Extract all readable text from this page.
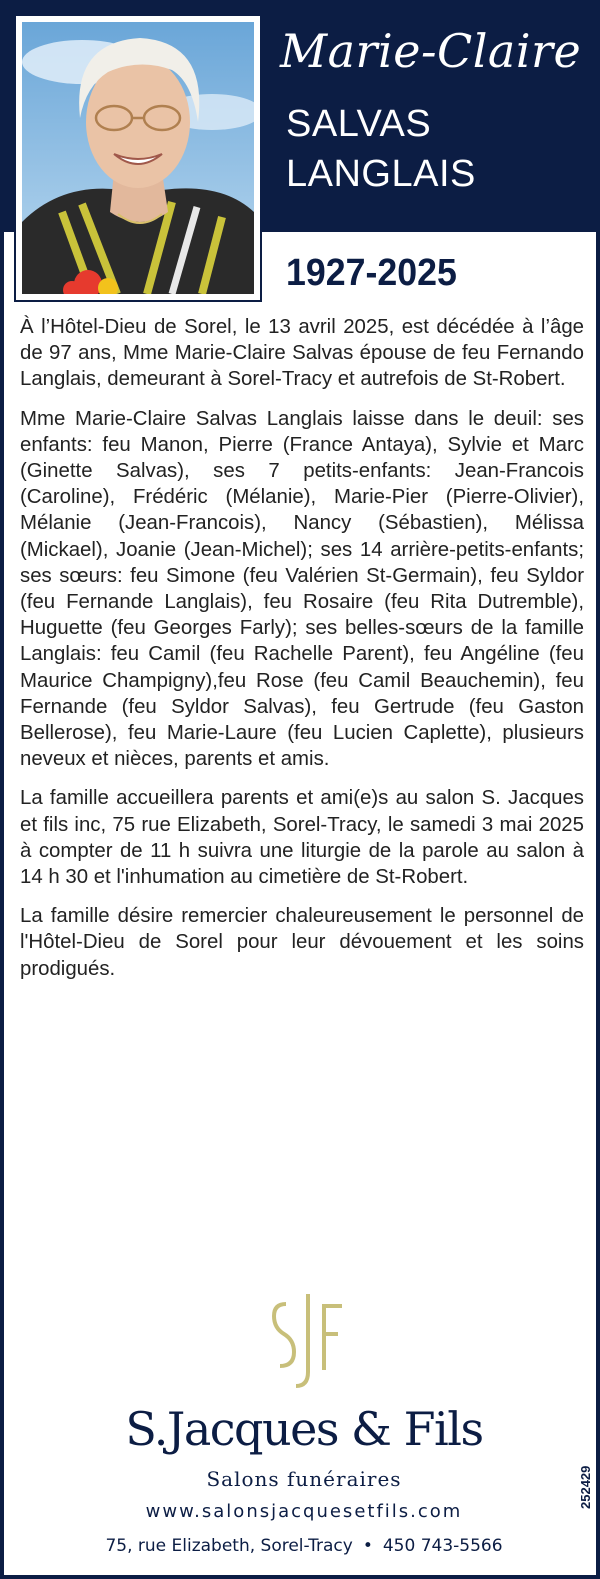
Marie-Claire
SALVAS
LANGLAIS
1927-2025

À l’Hôtel-Dieu de Sorel, le 13 avril 2025, est décédée à l’âge de 97 ans, Mme Marie-Claire Salvas épouse de feu Fernando Langlais, demeurant à Sorel-Tracy et autrefois de St-Robert.

Mme Marie-Claire Salvas Langlais laisse dans le deuil: ses enfants: feu Manon, Pierre (France Antaya), Sylvie et Marc (Ginette Salvas), ses 7 petits-enfants: Jean-Francois (Caroline), Frédéric (Mélanie), Marie-Pier (Pierre-Olivier), Mélanie (Jean-Francois), Nancy (Sébastien), Mélissa (Mickael), Joanie (Jean-Michel); ses 14 arrière-petits-enfants; ses sœurs: feu Simone (feu Valérien St-Germain), feu Syldor (feu Fernande Langlais), feu Rosaire (feu Rita Dutremble), Huguette (feu Georges Farly); ses belles-sœurs de la famille Langlais: feu Camil (feu Rachelle Parent), feu Angéline (feu Maurice Champigny),feu Rose (feu Camil Beauchemin), feu Fernande (feu Syldor Salvas), feu Gertrude (feu Gaston Bellerose), feu Marie-Laure (feu Lucien Caplette), plusieurs neveux et nièces, parents et amis.

La famille accueillera parents et ami(e)s au salon S. Jacques et fils inc, 75 rue Elizabeth, Sorel-Tracy, le samedi 3 mai 2025 à compter de 11 h suivra une liturgie de la parole au salon à 14 h 30 et l'inhumation au cimetière de St-Robert.

La famille désire remercier chaleureusement le personnel de l'Hôtel-Dieu de Sorel pour leur dévouement et les soins prodigués.

S.Jacques & Fils
Salons funéraires
www.salonsjacquesetfils.com
75, rue Elizabeth, Sorel-Tracy • 450 743-5566
252429
